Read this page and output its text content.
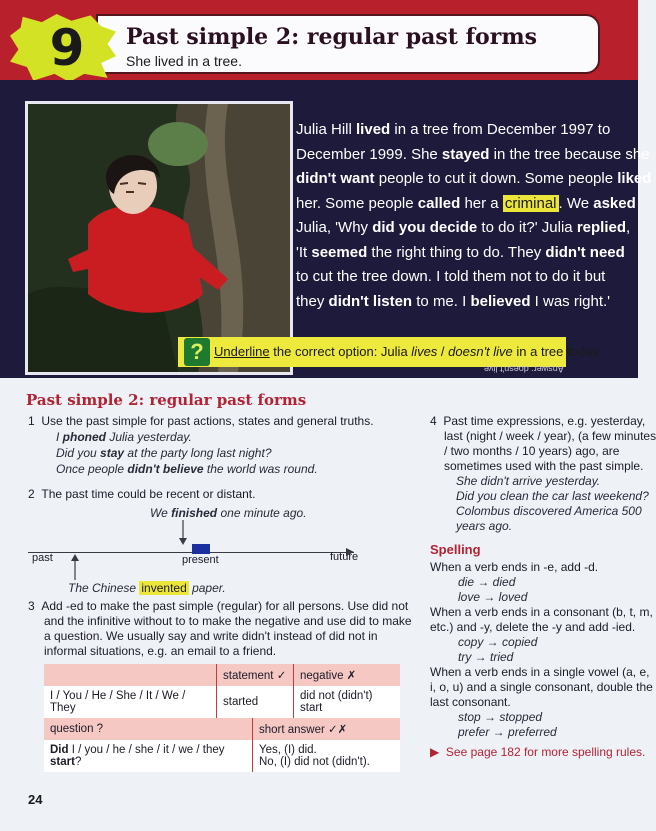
9	Past simple 2: regular past forms
She lived in a tree.
Julia Hill lived in a tree from December 1997 to
December 1999. She stayed in the tree because she
didn't want people to cut it down. Some people liked
her. Some people called her a criminal . We asked
Julia, 'Why did you decide to do it?' Julia replied,
'It seemed the right thing to do. They didn't need
to cut the tree down. I told them not to do it but
they didn't listen to me. I believed I was right.'
? Underline the correct option: Julia lives / doesn't live in a tree today.
Answer: doesn't live
Past simple 2: regular past forms
1 Use the past simple for past actions, states and general truths.
I phoned Julia yesterday.
Did you stay at the party long last night?
Once people didn't believe the world was round.
2 The past time could be recent or distant.
We finished one minute ago.
past	present	future
The Chinese invented paper.
3 Add -ed to make the past simple (regular) for all persons. Use did not
and the infinitive without to to make the negative and use did to make
a question. We usually say and write didn't instead of did not in
informal situations, e.g. an email to a friend.
	statement ✓	negative ✗
I / You / He / She / It / We / They	started	did not (didn't) start
question ?	short answer ✓✗
Did I / you / he / she / it / we / they start?	Yes, (I) did.
No, (I) did not (didn't).
4 Past time expressions, e.g. yesterday,
last (night / week / year), (a few minutes
/ two months / 10 years) ago, are
sometimes used with the past simple.
She didn't arrive yesterday.
Did you clean the car last weekend?
Colombus discovered America 500
years ago.
Spelling
When a verb ends in -e, add -d.
die → died
love → loved
When a verb ends in a consonant (b, t, m,
etc.) and -y, delete the -y and add -ied.
copy → copied
try → tried
When a verb ends in a single vowel (a, e,
i, o, u) and a single consonant, double the
last consonant.
stop → stopped
prefer → preferred
▶ See page 182 for more spelling rules.
24
